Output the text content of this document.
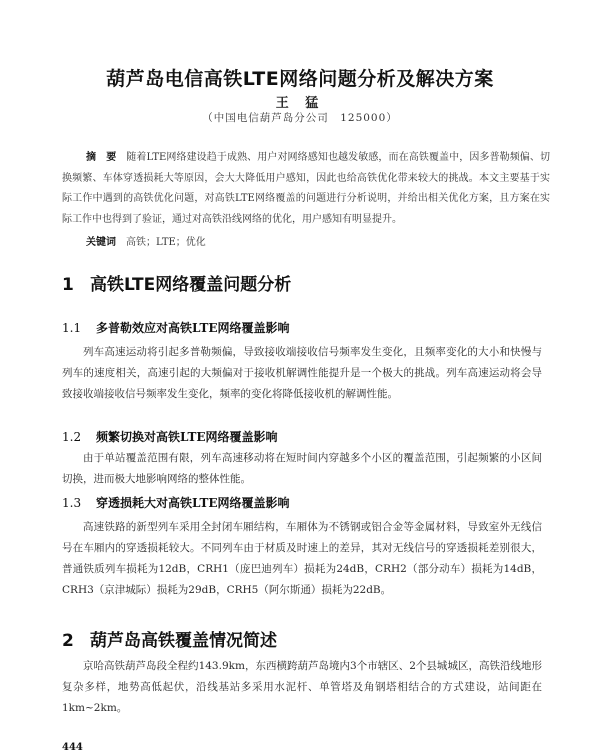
葫芦岛电信高铁LTE网络问题分析及解决方案
王 猛
（中国电信葫芦岛分公司　125000）
摘　要 随着LTE网络建设趋于成熟、用户对网络感知也越发敏感，而在高铁覆盖中，因多普勒频偏、切换频繁、车体穿透损耗大等原因，会大大降低用户感知，因此也给高铁优化带来较大的挑战。本文主要基于实际工作中遇到的高铁优化问题，对高铁LTE网络覆盖的问题进行分析说明，并给出相关优化方案，且方案在实际工作中也得到了验证，通过对高铁沿线网络的优化，用户感知有明显提升。
关键词 高铁；LTE；优化
1 高铁LTE网络覆盖问题分析
1.1 多普勒效应对高铁LTE网络覆盖影响
列车高速运动将引起多普勒频偏，导致接收端接收信号频率发生变化，且频率变化的大小和快慢与列车的速度相关，高速引起的大频偏对于接收机解调性能提升是一个极大的挑战。列车高速运动将会导致接收端接收信号频率发生变化，频率的变化将降低接收机的解调性能。
1.2 频繁切换对高铁LTE网络覆盖影响
由于单站覆盖范围有限，列车高速移动将在短时间内穿越多个小区的覆盖范围，引起频繁的小区间切换，进而极大地影响网络的整体性能。
1.3 穿透损耗大对高铁LTE网络覆盖影响
高速铁路的新型列车采用全封闭车厢结构，车厢体为不锈钢或铝合金等金属材料，导致室外无线信号在车厢内的穿透损耗较大。不同列车由于材质及时速上的差异，其对无线信号的穿透损耗差别很大，普通铁质列车损耗为12dB，CRH1（庞巴迪列车）损耗为24dB，CRH2（部分动车）损耗为14dB，CRH3（京津城际）损耗为29dB，CRH5（阿尔斯通）损耗为22dB。
2 葫芦岛高铁覆盖情况简述
京哈高铁葫芦岛段全程约143.9km，东西横跨葫芦岛境内3个市辖区、2个县城城区，高铁沿线地形复杂多样，地势高低起伏，沿线基站多采用水泥杆、单管塔及角钢塔相结合的方式建设，站间距在1km~2km。
444
